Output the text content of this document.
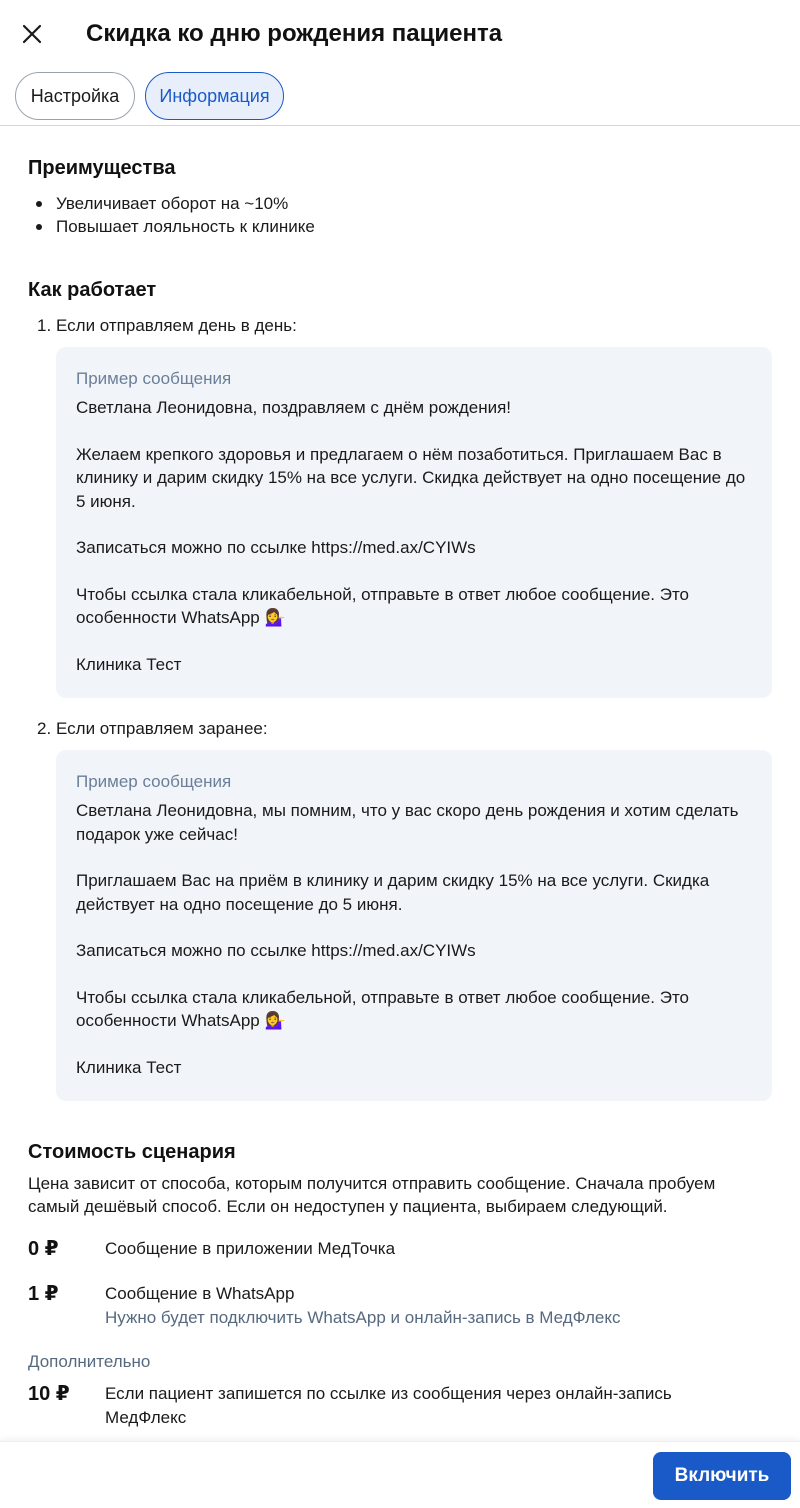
Скидка ко дню рождения пациента
Настройка	Информация
Преимущества
Увеличивает оборот на ~10%
Повышает лояльность к клинике
Как работает
1. Если отправляем день в день:
Пример сообщения
Светлана Леонидовна, поздравляем с днём рождения!
Желаем крепкого здоровья и предлагаем о нём позаботиться. Приглашаем Вас в клинику и дарим скидку 15% на все услуги. Скидка действует на одно посещение до 5 июня.
Записаться можно по ссылке https://med.ax/CYIWs
Чтобы ссылка стала кликабельной, отправьте в ответ любое сообщение. Это особенности WhatsApp 💁‍♀️
Клиника Тест
2. Если отправляем заранее:
Пример сообщения
Светлана Леонидовна, мы помним, что у вас скоро день рождения и хотим сделать подарок уже сейчас!
Приглашаем Вас на приём в клинику и дарим скидку 15% на все услуги. Скидка действует на одно посещение до 5 июня.
Записаться можно по ссылке https://med.ax/CYIWs
Чтобы ссылка стала кликабельной, отправьте в ответ любое сообщение. Это особенности WhatsApp 💁‍♀️
Клиника Тест
Стоимость сценария
Цена зависит от способа, которым получится отправить сообщение. Сначала пробуем самый дешёвый способ. Если он недоступен у пациента, выбираем следующий.
0 ₽	Сообщение в приложении МедТочка
1 ₽	Сообщение в WhatsApp
Нужно будет подключить WhatsApp и онлайн-запись в МедФлекс
Дополнительно
10 ₽ Если пациент запишется по ссылке из сообщения через онлайн-запись МедФлекс
Включить
